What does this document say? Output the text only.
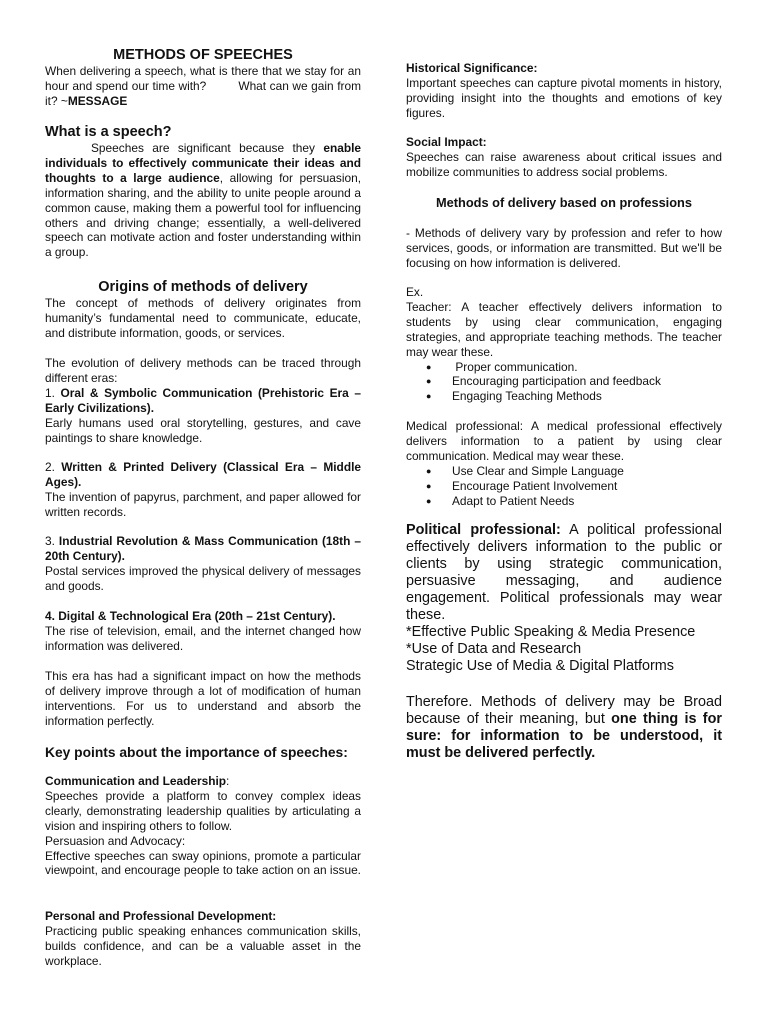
METHODS OF SPEECHES

When delivering a speech, what is there that we stay for an hour and spend our time with?         What can we gain from it? ~MESSAGE

What is a speech?

Speeches are significant because they enable individuals to effectively communicate their ideas and thoughts to a large audience, allowing for persuasion, information sharing, and the ability to unite people around a common cause, making them a powerful tool for influencing others and driving change; essentially, a well-delivered speech can motivate action and foster understanding within a group.

Origins of methods of delivery

The concept of methods of delivery originates from humanity’s fundamental need to communicate, educate, and distribute information, goods, or services.

The evolution of delivery methods can be traced through different eras:

1. Oral & Symbolic Communication (Prehistoric Era – Early Civilizations).

Early humans used oral storytelling, gestures, and cave paintings to share knowledge.

2. Written & Printed Delivery (Classical Era – Middle Ages).

The invention of papyrus, parchment, and paper allowed for written records.

3. Industrial Revolution & Mass Communication (18th – 20th Century).

Postal services improved the physical delivery of messages and goods.

4. Digital & Technological Era (20th – 21st Century).

The rise of television, email, and the internet changed how information was delivered.

This era has had a significant impact on how the methods of delivery improve through a lot of modification of human interventions. For us to understand and absorb the information perfectly.

Key points about the importance of speeches:

Communication and Leadership:

Speeches provide a platform to convey complex ideas clearly, demonstrating leadership qualities by articulating a vision and inspiring others to follow.

Persuasion and Advocacy:

Effective speeches can sway opinions, promote a particular viewpoint, and encourage people to take action on an issue.

Personal and Professional Development:

Practicing public speaking enhances communication skills, builds confidence, and can be a valuable asset in the workplace.

Historical Significance:

Important speeches can capture pivotal moments in history, providing insight into the thoughts and emotions of key figures.

Social Impact:

Speeches can raise awareness about critical issues and mobilize communities to address social problems.

Methods of delivery based on professions

- Methods of delivery vary by profession and refer to how services, goods, or information are transmitted. But we'll be focusing on how information is delivered.

Ex.

Teacher: A teacher effectively delivers information to students by using clear communication, engaging strategies, and appropriate teaching methods. The teacher may wear these.

●  Proper communication.
● Encouraging participation and feedback
● Engaging Teaching Methods

Medical professional: A medical professional effectively delivers information to a patient by using clear communication. Medical may wear these.

● Use Clear and Simple Language
● Encourage Patient Involvement
● Adapt to Patient Needs

Political professional: A political professional effectively delivers information to the public or clients by using strategic communication, persuasive messaging, and audience engagement. Political professionals may wear these.

*Effective Public Speaking & Media Presence

*Use of Data and Research

Strategic Use of Media & Digital Platforms

Therefore. Methods of delivery may be Broad because of their meaning, but one thing is for sure: for information to be understood, it must be delivered perfectly.
